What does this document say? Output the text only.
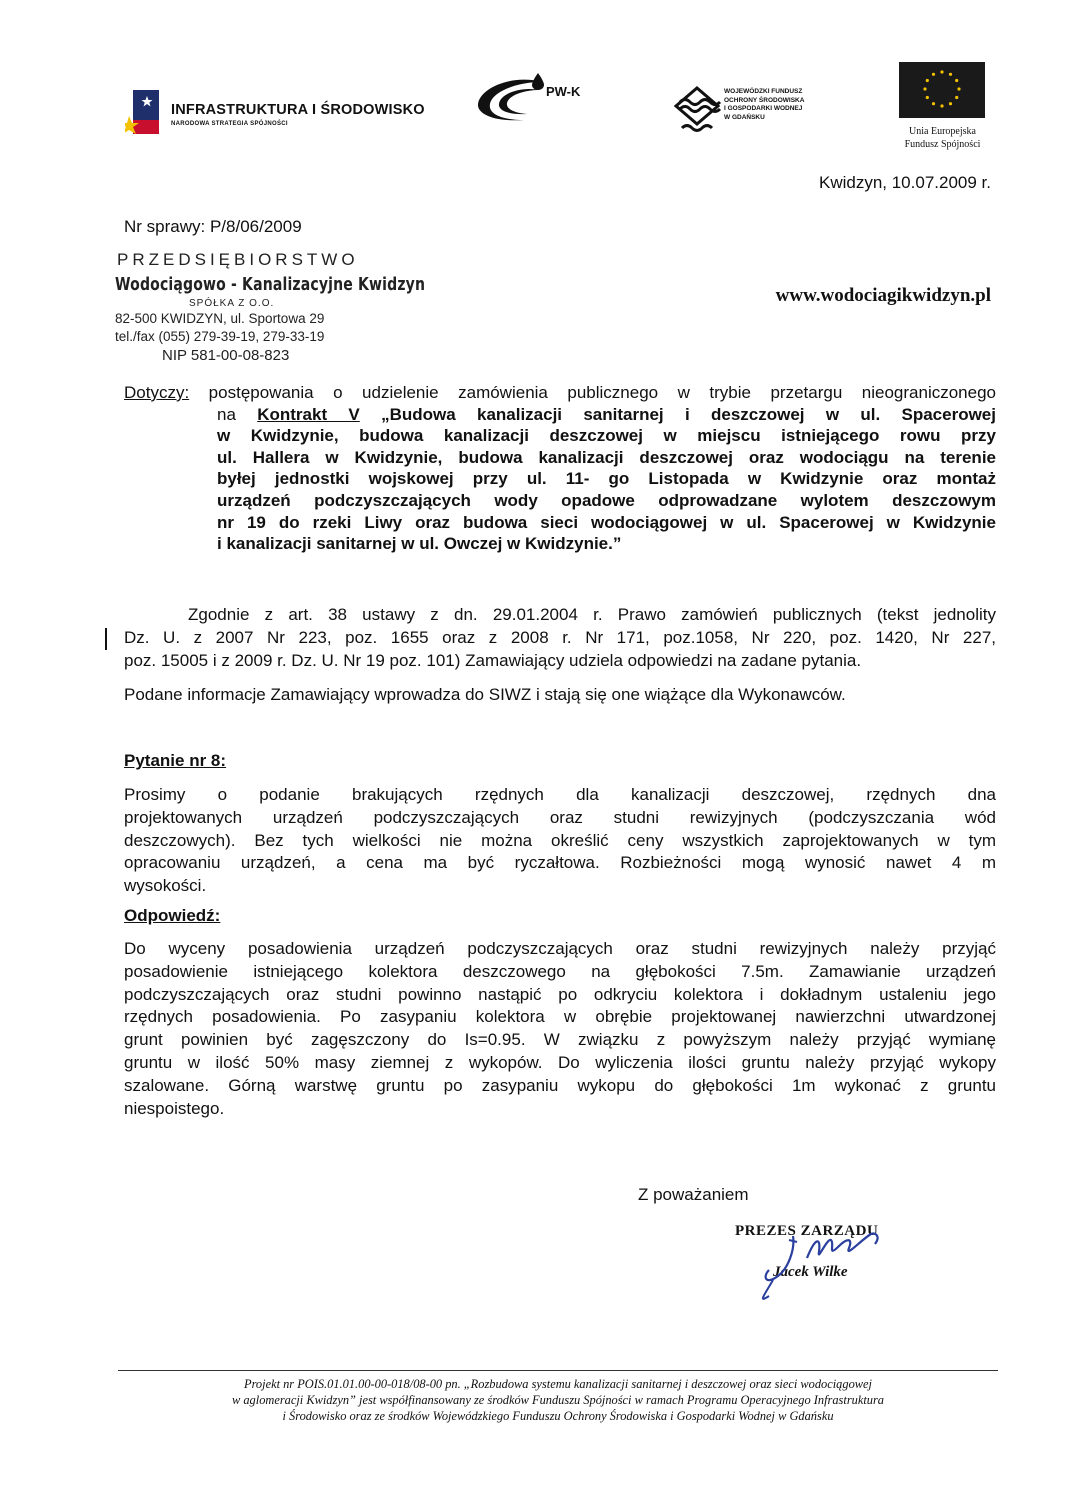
INFRASTRUKTURA I ŚRODOWISKO
NARODOWA STRATEGIA SPÓJNOŚCI
PW-K	WOJEWÓDZKI FUNDUSZ
OCHRONY ŚRODOWISKA
I GOSPODARKI WODNEJ
W GDAŃSKU
Unia Europejska
Fundusz Spójności
Kwidzyn, 10.07.2009 r.
Nr sprawy: P/8/06/2009
PRZEDSIĘBIORSTWO
Wodociągowo - Kanalizacyjne Kwidzyn
SPÓŁKA Z O.O.
82-500 KWIDZYN, ul. Sportowa 29
tel./fax (055) 279-39-19, 279-33-19
NIP 581-00-08-823
www.wodociagikwidzyn.pl
Dotyczy: postępowania o udzielenie zamówienia publicznego w trybie przetargu nieograniczonego
na Kontrakt V „Budowa kanalizacji sanitarnej i deszczowej w ul. Spacerowej
w Kwidzynie, budowa kanalizacji deszczowej w miejscu istniejącego rowu przy
ul. Hallera w Kwidzynie, budowa kanalizacji deszczowej oraz wodociągu na terenie
byłej jednostki wojskowej przy ul. 11- go Listopada w Kwidzynie oraz montaż
urządzeń podczyszczających wody opadowe odprowadzane wylotem deszczowym
nr 19 do rzeki Liwy oraz budowa sieci wodociągowej w ul. Spacerowej w Kwidzynie
i kanalizacji sanitarnej w ul. Owczej w Kwidzynie.”
Zgodnie z art. 38 ustawy z dn. 29.01.2004 r. Prawo zamówień publicznych (tekst jednolity
Dz. U. z 2007 Nr 223, poz. 1655 oraz z 2008 r. Nr 171, poz.1058, Nr 220, poz. 1420, Nr 227,
poz. 15005 i z 2009 r. Dz. U. Nr 19 poz. 101) Zamawiający udziela odpowiedzi na zadane pytania.
Podane informacje Zamawiający wprowadza do SIWZ i stają się one wiążące dla Wykonawców.
Pytanie nr 8:
Prosimy o podanie brakujących rzędnych dla kanalizacji deszczowej, rzędnych dna
projektowanych urządzeń podczyszczających oraz studni rewizyjnych (podczyszczania wód
deszczowych). Bez tych wielkości nie można określić ceny wszystkich zaprojektowanych w tym
opracowaniu urządzeń, a cena ma być ryczałtowa. Rozbieżności mogą wynosić nawet 4 m
wysokości.
Odpowiedź:
Do wyceny posadowienia urządzeń podczyszczających oraz studni rewizyjnych należy przyjąć
posadowienie istniejącego kolektora deszczowego na głębokości 7.5m. Zamawianie urządzeń
podczyszczających oraz studni powinno nastąpić po odkryciu kolektora i dokładnym ustaleniu jego
rzędnych posadowienia. Po zasypaniu kolektora w obrębie projektowanej nawierzchni utwardzonej
grunt powinien być zagęszczony do Is=0.95. W związku z powyższym należy przyjąć wymianę
gruntu w ilość 50% masy ziemnej z wykopów. Do wyliczenia ilości gruntu należy przyjąć wykopy
szalowane. Górną warstwę gruntu po zasypaniu wykopu do głębokości 1m wykonać z gruntu
niespoistego.
Z poważaniem
PREZES ZARZĄDU
Jacek Wilke
Projekt nr POIS.01.01.00-00-018/08-00 pn. „Rozbudowa systemu kanalizacji sanitarnej i deszczowej oraz sieci wodociągowej
w aglomeracji Kwidzyn” jest współfinansowany ze środków Funduszu Spójności w ramach Programu Operacyjnego Infrastruktura
i Środowisko oraz ze środków Wojewódzkiego Funduszu Ochrony Środowiska i Gospodarki Wodnej w Gdańsku
